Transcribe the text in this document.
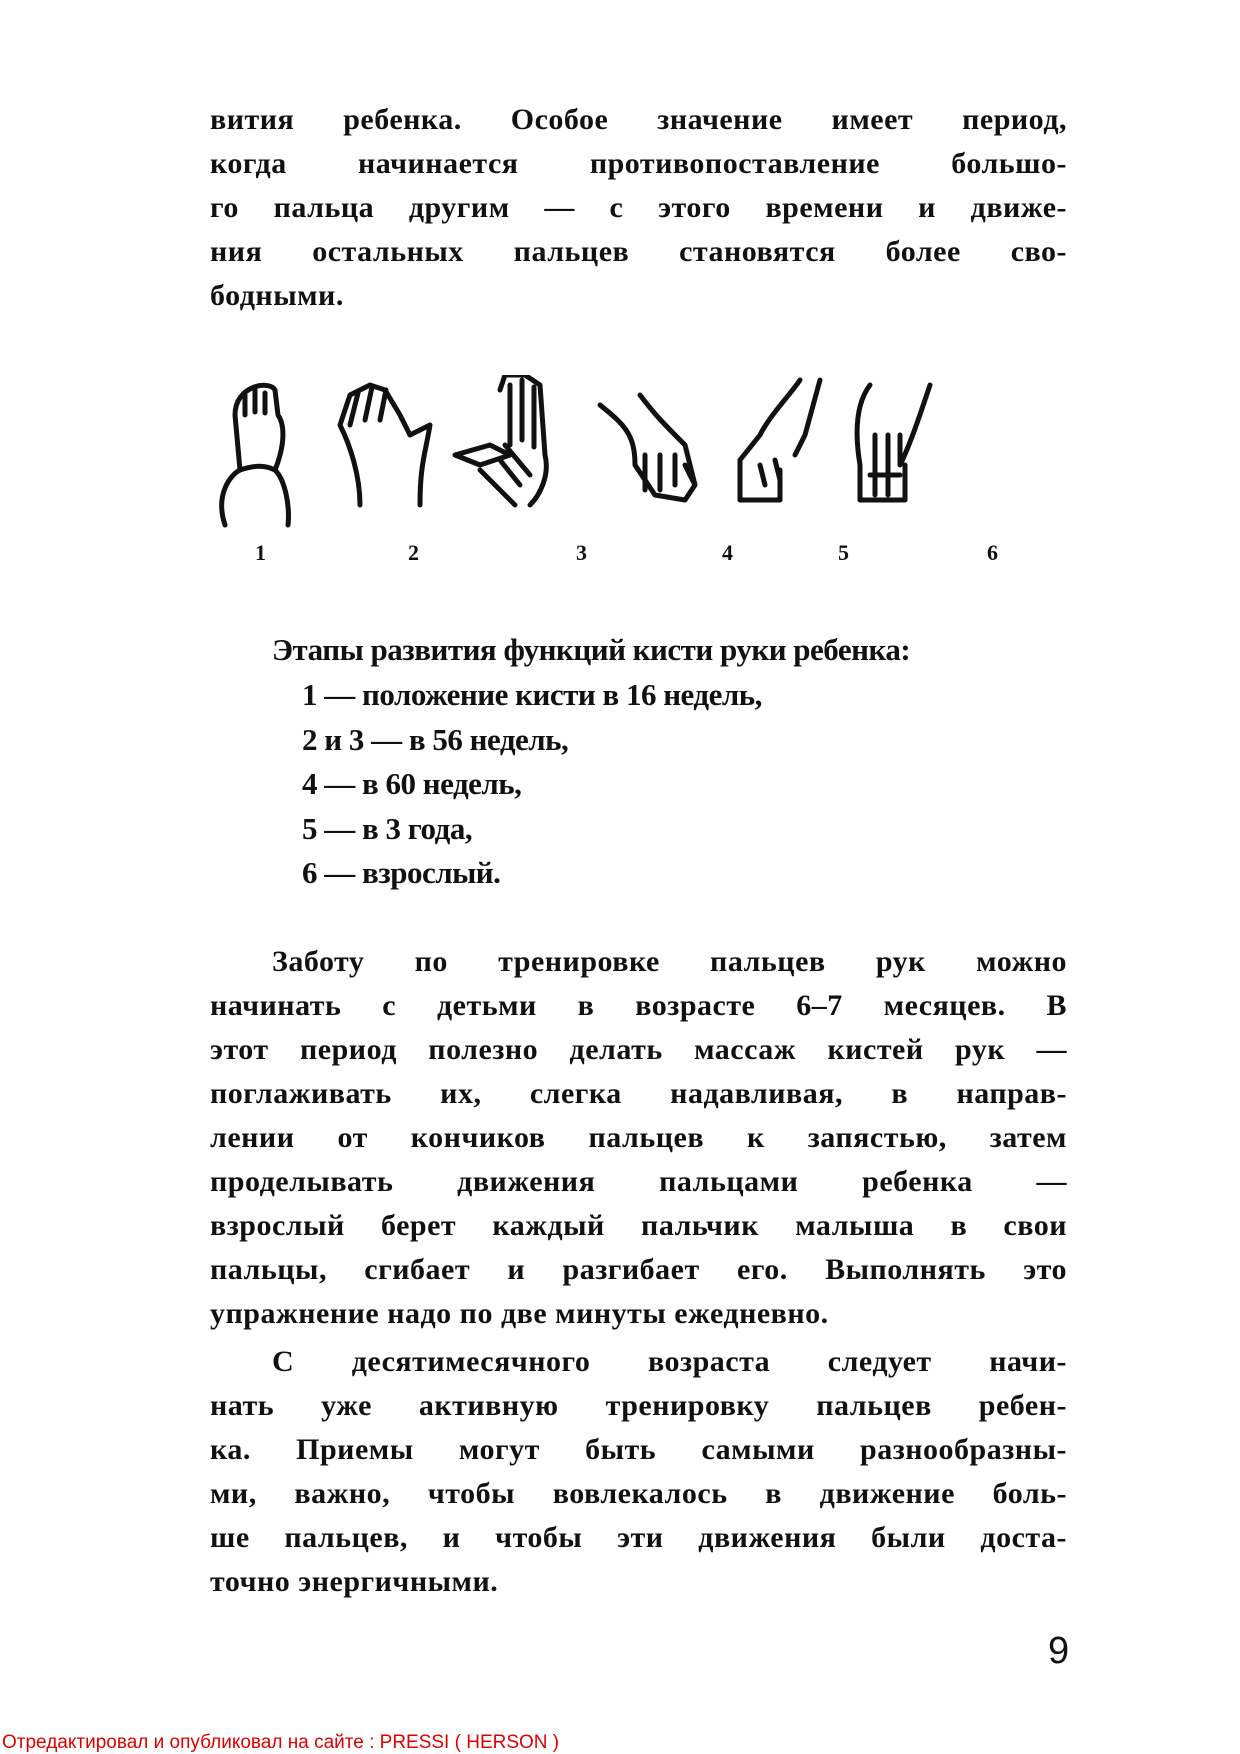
вития ребенка. Особое значение имеет период,
когда начинается противопоставление большо-
го пальца другим — с этого времени и движе-
ния остальных пальцев становятся более сво-
бодными.
1	2	3	4	5	6
Этапы развития функций кисти руки ребенка:
1 — положение кисти в 16 недель,
2 и 3 — в 56 недель,
4 — в 60 недель,
5 — в 3 года,
6 — взрослый.
Заботу по тренировке пальцев рук можно
начинать с детьми в возрасте 6–7 месяцев. В
этот период полезно делать массаж кистей рук —
поглаживать их, слегка надавливая, в направ-
лении от кончиков пальцев к запястью, затем
проделывать движения пальцами ребенка —
взрослый берет каждый пальчик малыша в свои
пальцы, сгибает и разгибает его. Выполнять это
упражнение надо по две минуты ежедневно.
С десятимесячного возраста следует начи-
нать уже активную тренировку пальцев ребен-
ка. Приемы могут быть самыми разнообразны-
ми, важно, чтобы вовлекалось в движение боль-
ше пальцев, и чтобы эти движения были доста-
точно энергичными.
9
Отредактировал и опубликовал на сайте : PRESSI ( HERSON )
